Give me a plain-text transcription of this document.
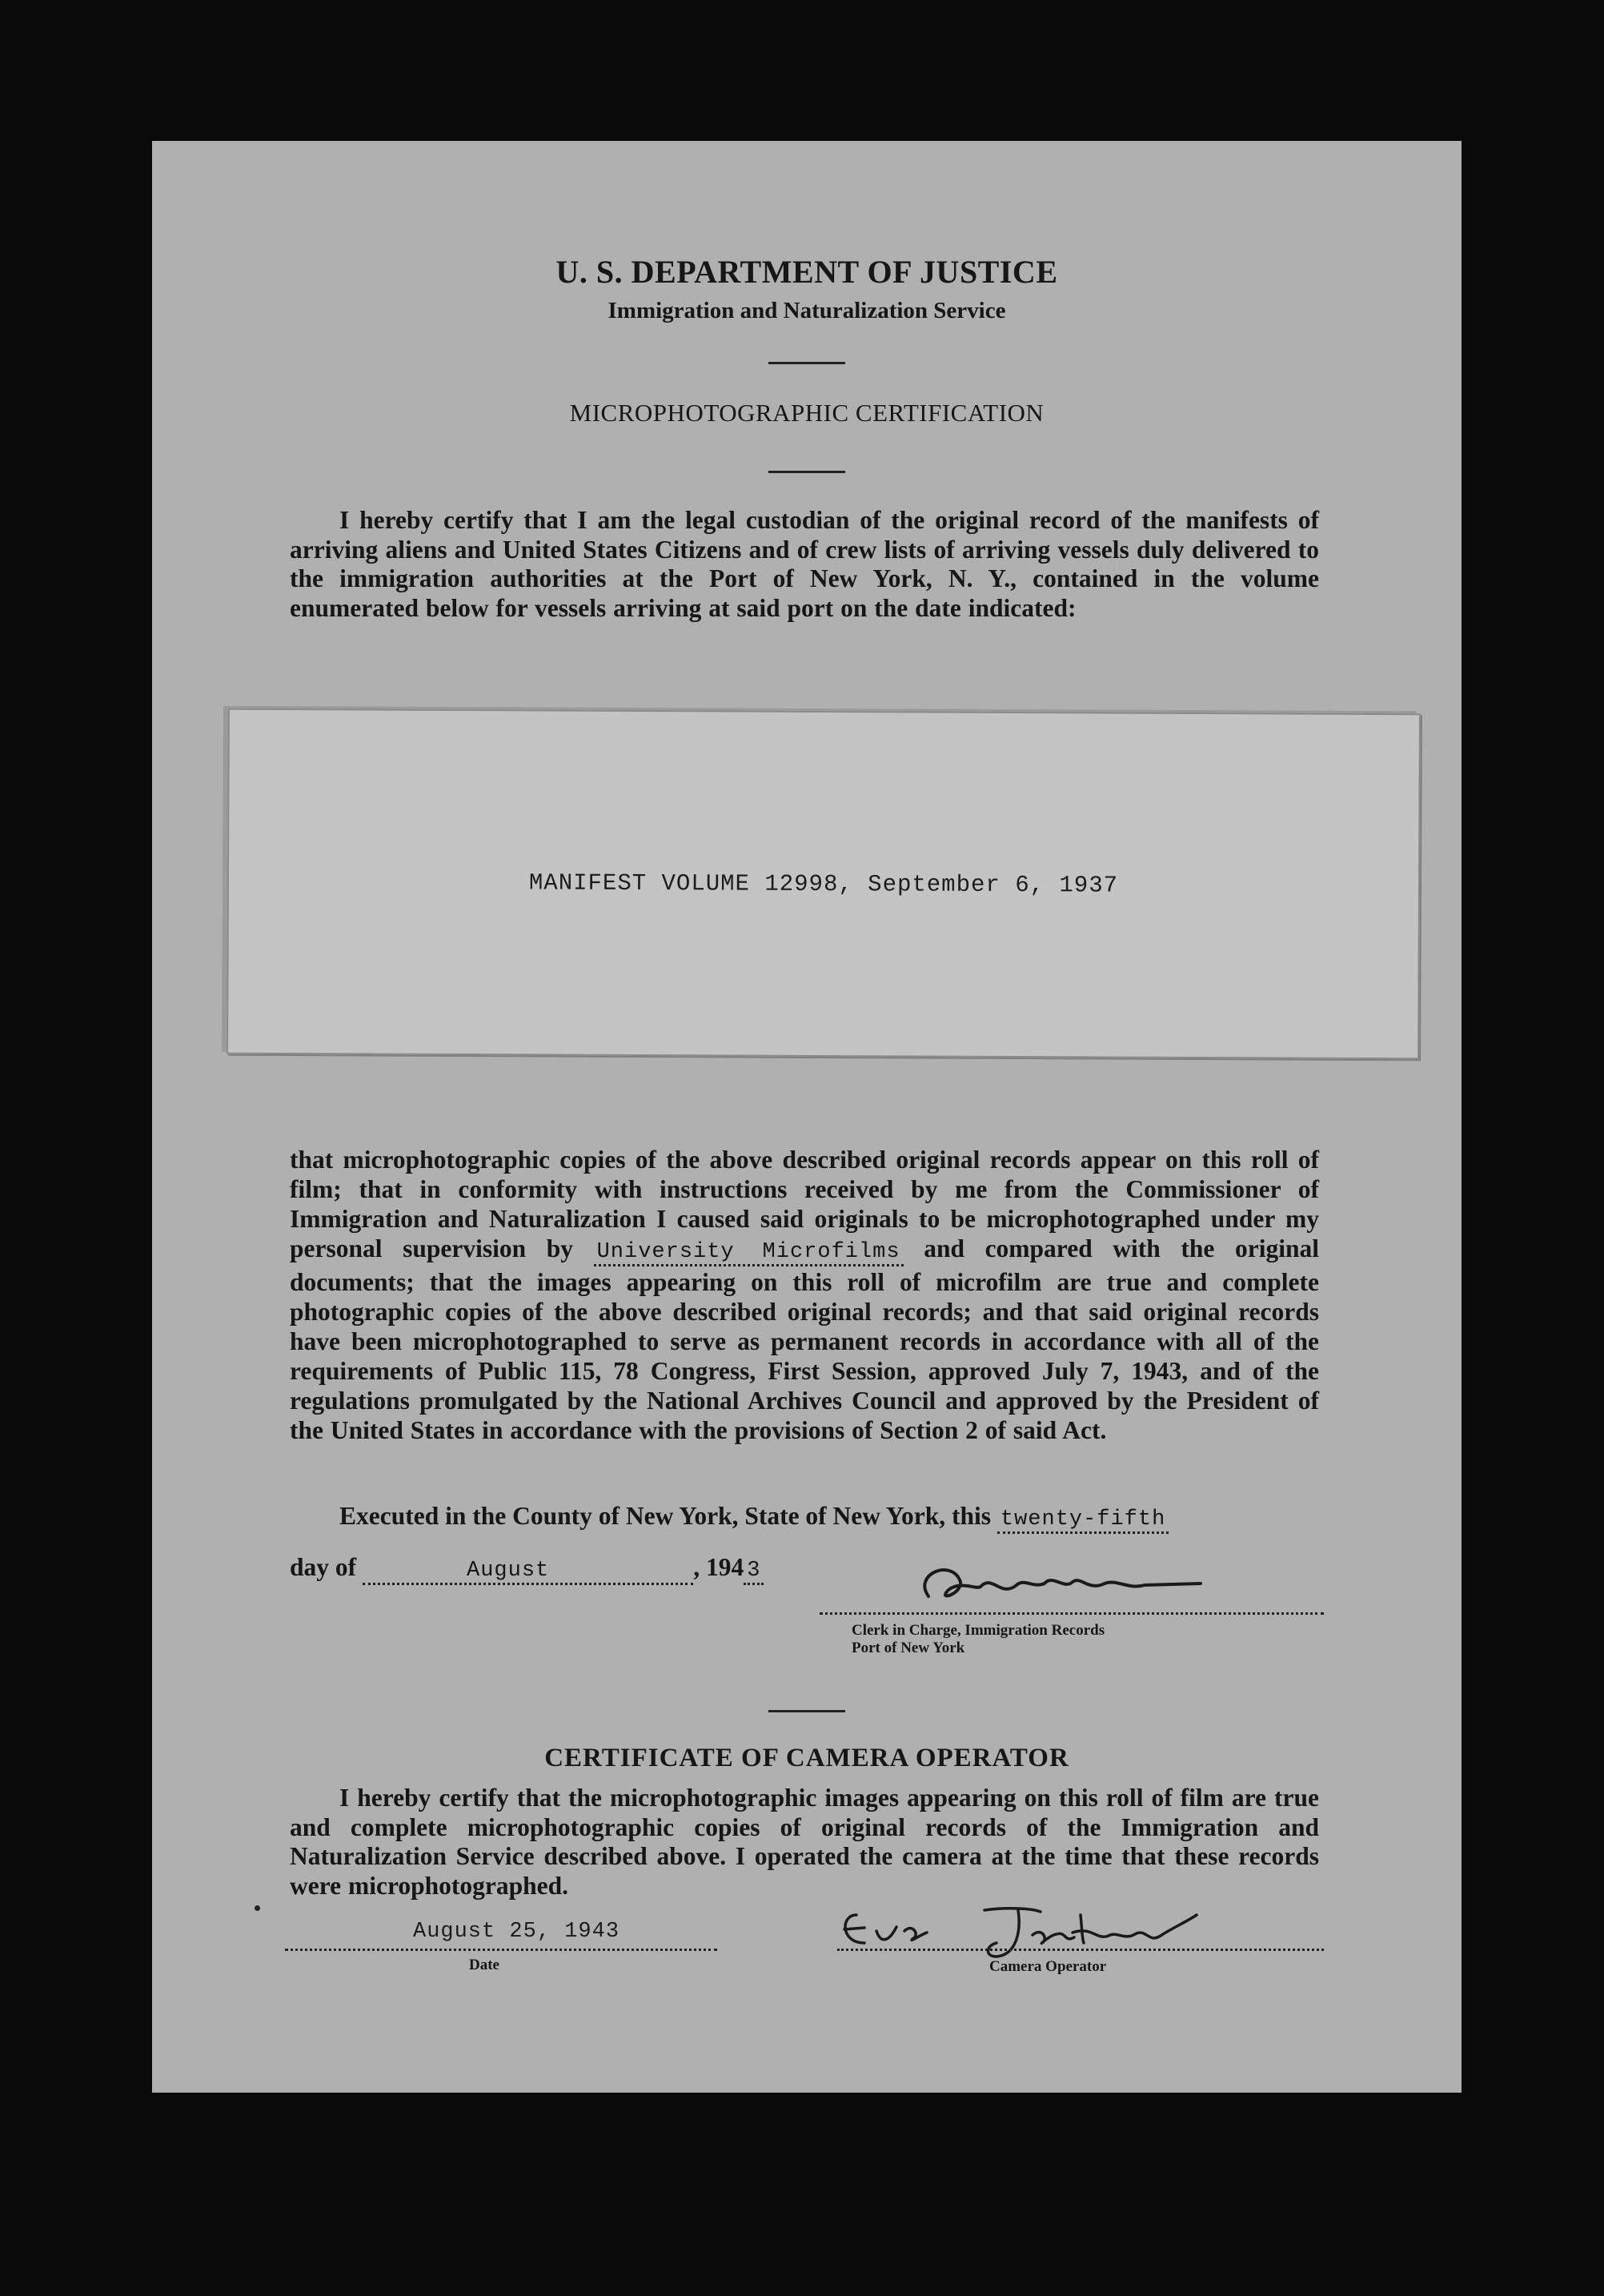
U. S. DEPARTMENT OF JUSTICE
Immigration and Naturalization Service
MICROPHOTOGRAPHIC CERTIFICATION
I hereby certify that I am the legal custodian of the original record of the manifests of arriving aliens and United States Citizens and of crew lists of arriving vessels duly delivered to the immigration authorities at the Port of New York, N. Y., contained in the volume enumerated below for vessels arriving at said port on the date indicated:
MANIFEST VOLUME 12998, September 6, 1937
that microphotographic copies of the above described original records appear on this roll of film; that in conformity with instructions received by me from the Commissioner of Immigration and Naturalization I caused said originals to be microphotographed under my personal supervision by University Microfilms and compared with the original documents; that the images appearing on this roll of microfilm are true and complete photographic copies of the above described original records; and that said original records have been microphotographed to serve as permanent records in accordance with all of the requirements of Public 115, 78 Congress, First Session, approved July 7, 1943, and of the regulations promulgated by the National Archives Council and approved by the President of the United States in accordance with the provisions of Section 2 of said Act.
Executed in the County of New York, State of New York, this twenty-fifth
day of	August	, 194 3
Clerk in Charge, Immigration Records
Port of New York
CERTIFICATE OF CAMERA OPERATOR
I hereby certify that the microphotographic images appearing on this roll of film are true and complete microphotographic copies of original records of the Immigration and Naturalization Service described above. I operated the camera at the time that these records were microphotographed.
August 25, 1943
Date	Camera Operator
